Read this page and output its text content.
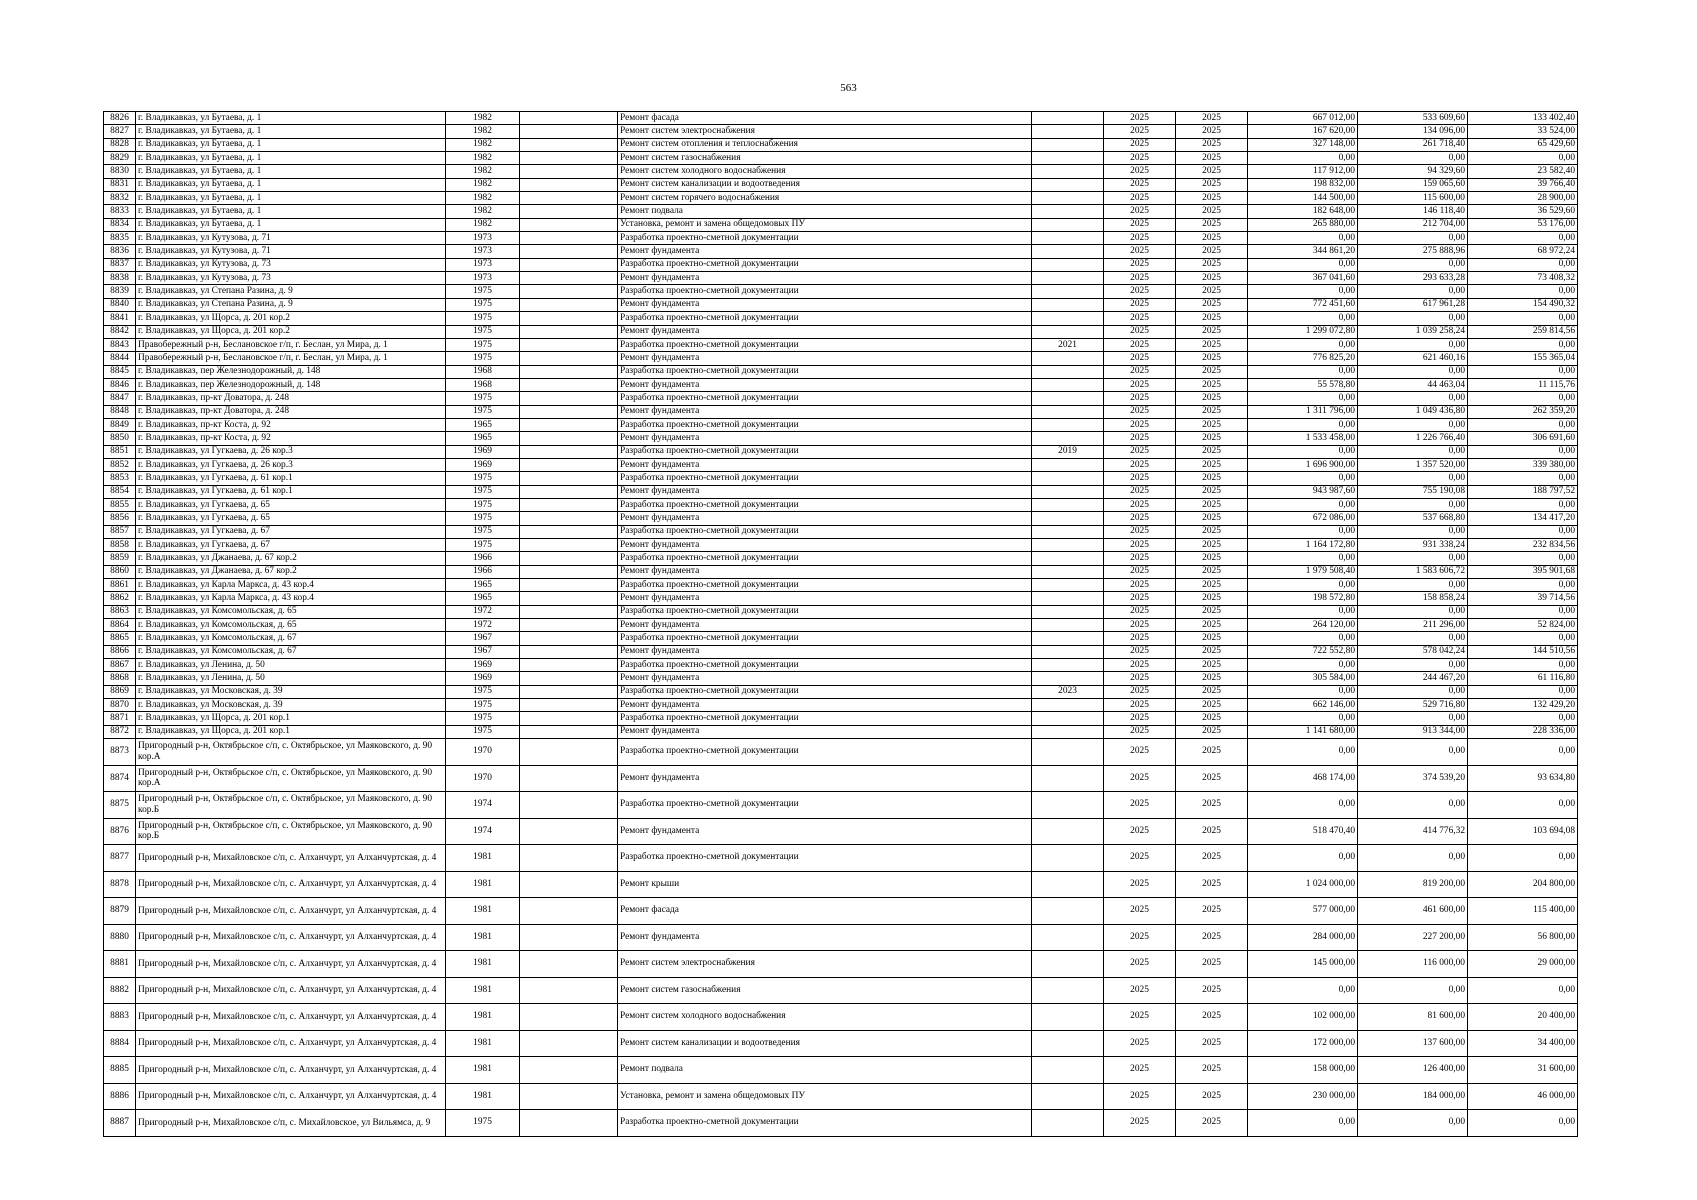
563
8826	г. Владикавказ, ул Бутаева, д. 1	1982		Ремонт фасада		2025	2025	667 012,00	533 609,60	133 402,40
8827	г. Владикавказ, ул Бутаева, д. 1	1982		Ремонт систем электроснабжения		2025	2025	167 620,00	134 096,00	33 524,00
8828	г. Владикавказ, ул Бутаева, д. 1	1982		Ремонт систем отопления и теплоснабжения		2025	2025	327 148,00	261 718,40	65 429,60
8829	г. Владикавказ, ул Бутаева, д. 1	1982		Ремонт систем газоснабжения		2025	2025	0,00	0,00	0,00
8830	г. Владикавказ, ул Бутаева, д. 1	1982		Ремонт систем холодного водоснабжения		2025	2025	117 912,00	94 329,60	23 582,40
8831	г. Владикавказ, ул Бутаева, д. 1	1982		Ремонт систем канализации и водоотведения		2025	2025	198 832,00	159 065,60	39 766,40
8832	г. Владикавказ, ул Бутаева, д. 1	1982		Ремонт систем горячего водоснабжения		2025	2025	144 500,00	115 600,00	28 900,00
8833	г. Владикавказ, ул Бутаева, д. 1	1982		Ремонт подвала		2025	2025	182 648,00	146 118,40	36 529,60
8834	г. Владикавказ, ул Бутаева, д. 1	1982		Установка, ремонт и замена общедомовых ПУ		2025	2025	265 880,00	212 704,00	53 176,00
8835	г. Владикавказ, ул Кутузова, д. 71	1973		Разработка проектно-сметной документации		2025	2025	0,00	0,00	0,00
8836	г. Владикавказ, ул Кутузова, д. 71	1973		Ремонт фундамента		2025	2025	344 861,20	275 888,96	68 972,24
8837	г. Владикавказ, ул Кутузова, д. 73	1973		Разработка проектно-сметной документации		2025	2025	0,00	0,00	0,00
8838	г. Владикавказ, ул Кутузова, д. 73	1973		Ремонт фундамента		2025	2025	367 041,60	293 633,28	73 408,32
8839	г. Владикавказ, ул Степана Разина, д. 9	1975		Разработка проектно-сметной документации		2025	2025	0,00	0,00	0,00
8840	г. Владикавказ, ул Степана Разина, д. 9	1975		Ремонт фундамента		2025	2025	772 451,60	617 961,28	154 490,32
8841	г. Владикавказ, ул Щорса, д. 201 кор.2	1975		Разработка проектно-сметной документации		2025	2025	0,00	0,00	0,00
8842	г. Владикавказ, ул Щорса, д. 201 кор.2	1975		Ремонт фундамента		2025	2025	1 299 072,80	1 039 258,24	259 814,56
8843	Правобережный р-н, Беслановское г/п, г. Беслан, ул Мира, д. 1	1975		Разработка проектно-сметной документации	2021	2025	2025	0,00	0,00	0,00
8844	Правобережный р-н, Беслановское г/п, г. Беслан, ул Мира, д. 1	1975		Ремонт фундамента		2025	2025	776 825,20	621 460,16	155 365,04
8845	г. Владикавказ, пер Железнодорожный, д. 148	1968		Разработка проектно-сметной документации		2025	2025	0,00	0,00	0,00
8846	г. Владикавказ, пер Железнодорожный, д. 148	1968		Ремонт фундамента		2025	2025	55 578,80	44 463,04	11 115,76
8847	г. Владикавказ, пр-кт Доватора, д. 248	1975		Разработка проектно-сметной документации		2025	2025	0,00	0,00	0,00
8848	г. Владикавказ, пр-кт Доватора, д. 248	1975		Ремонт фундамента		2025	2025	1 311 796,00	1 049 436,80	262 359,20
8849	г. Владикавказ, пр-кт Коста, д. 92	1965		Разработка проектно-сметной документации		2025	2025	0,00	0,00	0,00
8850	г. Владикавказ, пр-кт Коста, д. 92	1965		Ремонт фундамента		2025	2025	1 533 458,00	1 226 766,40	306 691,60
8851	г. Владикавказ, ул Гугкаева, д. 26 кор.3	1969		Разработка проектно-сметной документации	2019	2025	2025	0,00	0,00	0,00
8852	г. Владикавказ, ул Гугкаева, д. 26 кор.3	1969		Ремонт фундамента		2025	2025	1 696 900,00	1 357 520,00	339 380,00
8853	г. Владикавказ, ул Гугкаева, д. 61 кор.1	1975		Разработка проектно-сметной документации		2025	2025	0,00	0,00	0,00
8854	г. Владикавказ, ул Гугкаева, д. 61 кор.1	1975		Ремонт фундамента		2025	2025	943 987,60	755 190,08	188 797,52
8855	г. Владикавказ, ул Гугкаева, д. 65	1975		Разработка проектно-сметной документации		2025	2025	0,00	0,00	0,00
8856	г. Владикавказ, ул Гугкаева, д. 65	1975		Ремонт фундамента		2025	2025	672 086,00	537 668,80	134 417,20
8857	г. Владикавказ, ул Гугкаева, д. 67	1975		Разработка проектно-сметной документации		2025	2025	0,00	0,00	0,00
8858	г. Владикавказ, ул Гугкаева, д. 67	1975		Ремонт фундамента		2025	2025	1 164 172,80	931 338,24	232 834,56
8859	г. Владикавказ, ул Джанаева, д. 67 кор.2	1966		Разработка проектно-сметной документации		2025	2025	0,00	0,00	0,00
8860	г. Владикавказ, ул Джанаева, д. 67 кор.2	1966		Ремонт фундамента		2025	2025	1 979 508,40	1 583 606,72	395 901,68
8861	г. Владикавказ, ул Карла Маркса, д. 43 кор.4	1965		Разработка проектно-сметной документации		2025	2025	0,00	0,00	0,00
8862	г. Владикавказ, ул Карла Маркса, д. 43 кор.4	1965		Ремонт фундамента		2025	2025	198 572,80	158 858,24	39 714,56
8863	г. Владикавказ, ул Комсомольская, д. 65	1972		Разработка проектно-сметной документации		2025	2025	0,00	0,00	0,00
8864	г. Владикавказ, ул Комсомольская, д. 65	1972		Ремонт фундамента		2025	2025	264 120,00	211 296,00	52 824,00
8865	г. Владикавказ, ул Комсомольская, д. 67	1967		Разработка проектно-сметной документации		2025	2025	0,00	0,00	0,00
8866	г. Владикавказ, ул Комсомольская, д. 67	1967		Ремонт фундамента		2025	2025	722 552,80	578 042,24	144 510,56
8867	г. Владикавказ, ул Ленина, д. 50	1969		Разработка проектно-сметной документации		2025	2025	0,00	0,00	0,00
8868	г. Владикавказ, ул Ленина, д. 50	1969		Ремонт фундамента		2025	2025	305 584,00	244 467,20	61 116,80
8869	г. Владикавказ, ул Московская, д. 39	1975		Разработка проектно-сметной документации	2023	2025	2025	0,00	0,00	0,00
8870	г. Владикавказ, ул Московская, д. 39	1975		Ремонт фундамента		2025	2025	662 146,00	529 716,80	132 429,20
8871	г. Владикавказ, ул Щорса, д. 201 кор.1	1975		Разработка проектно-сметной документации		2025	2025	0,00	0,00	0,00
8872	г. Владикавказ, ул Щорса, д. 201 кор.1	1975		Ремонт фундамента		2025	2025	1 141 680,00	913 344,00	228 336,00
8873	Пригородный р-н, Октябрьское с/п, с. Октябрьское, ул Маяковского, д. 90 кор.А	1970		Разработка проектно-сметной документации		2025	2025	0,00	0,00	0,00
8874	Пригородный р-н, Октябрьское с/п, с. Октябрьское, ул Маяковского, д. 90 кор.А	1970		Ремонт фундамента		2025	2025	468 174,00	374 539,20	93 634,80
8875	Пригородный р-н, Октябрьское с/п, с. Октябрьское, ул Маяковского, д. 90 кор.Б	1974		Разработка проектно-сметной документации		2025	2025	0,00	0,00	0,00
8876	Пригородный р-н, Октябрьское с/п, с. Октябрьское, ул Маяковского, д. 90 кор.Б	1974		Ремонт фундамента		2025	2025	518 470,40	414 776,32	103 694,08
8877	Пригородный р-н, Михайловское с/п, с. Алханчурт, ул Алханчуртская, д. 4	1981		Разработка проектно-сметной документации		2025	2025	0,00	0,00	0,00
8878	Пригородный р-н, Михайловское с/п, с. Алханчурт, ул Алханчуртская, д. 4	1981		Ремонт крыши		2025	2025	1 024 000,00	819 200,00	204 800,00
8879	Пригородный р-н, Михайловское с/п, с. Алханчурт, ул Алханчуртская, д. 4	1981		Ремонт фасада		2025	2025	577 000,00	461 600,00	115 400,00
8880	Пригородный р-н, Михайловское с/п, с. Алханчурт, ул Алханчуртская, д. 4	1981		Ремонт фундамента		2025	2025	284 000,00	227 200,00	56 800,00
8881	Пригородный р-н, Михайловское с/п, с. Алханчурт, ул Алханчуртская, д. 4	1981		Ремонт систем электроснабжения		2025	2025	145 000,00	116 000,00	29 000,00
8882	Пригородный р-н, Михайловское с/п, с. Алханчурт, ул Алханчуртская, д. 4	1981		Ремонт систем газоснабжения		2025	2025	0,00	0,00	0,00
8883	Пригородный р-н, Михайловское с/п, с. Алханчурт, ул Алханчуртская, д. 4	1981		Ремонт систем холодного водоснабжения		2025	2025	102 000,00	81 600,00	20 400,00
8884	Пригородный р-н, Михайловское с/п, с. Алханчурт, ул Алханчуртская, д. 4	1981		Ремонт систем канализации и водоотведения		2025	2025	172 000,00	137 600,00	34 400,00
8885	Пригородный р-н, Михайловское с/п, с. Алханчурт, ул Алханчуртская, д. 4	1981		Ремонт подвала		2025	2025	158 000,00	126 400,00	31 600,00
8886	Пригородный р-н, Михайловское с/п, с. Алханчурт, ул Алханчуртская, д. 4	1981		Установка, ремонт и замена общедомовых ПУ		2025	2025	230 000,00	184 000,00	46 000,00
8887	Пригородный р-н, Михайловское с/п, с. Михайловское, ул Вильямса, д. 9	1975		Разработка проектно-сметной документации		2025	2025	0,00	0,00	0,00
